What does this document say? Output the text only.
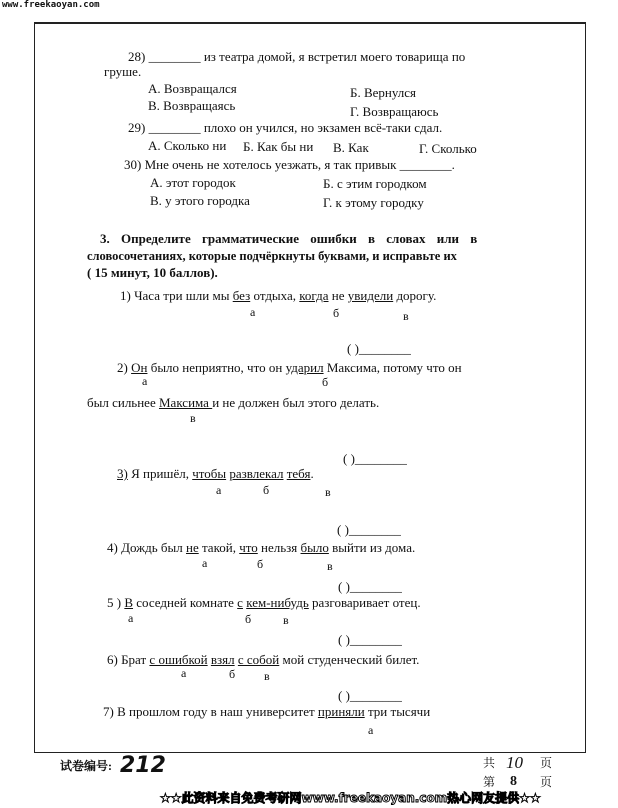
www.freekaoyan.com
28) ________ из театра домой, я встретил моего товарища по
груше.
А. Возвращался	Б. Вернулся
В. Возвращаясь	Г. Возвращаюсь
29) ________ плохо он учился, но экзамен всё-таки сдал.
А. Сколько ни Б. Как бы ни В. Как	Г. Сколько
30) Мне очень не хотелось уезжать, я так привык ________.
А. этот городок	Б. с этим городком
В. у этого городка	Г. к этому городку
3. Определите грамматические ошибки в словах или в
словосочетаниях, которые подчёркнуты буквами, и исправьте их
( 15 минут, 10 баллов).
1) Часа три шли мы без отдыха, когда не увидели дорогу.
а	б	в
( )________
2) Он было неприятно, что он ударил Максима, потому что он
был сильнее Максима и не должен был этого делать.
а	б
в
( )________
3) Я пришёл, чтобы развлекал тебя.
а	б	в
( )________
4) Дождь был не такой, что нельзя было выйти из дома.
а	б	в
( )________
5 ) В соседней комнате с кем-нибудь разговаривает отец.
а	б	в
( )________
6) Брат с ошибкой взял с собой мой студенческий билет.
а	б в
( )________
7) В прошлом году в наш университет приняли три тысячи
а
试卷编号: 212	共 10 页
第 8 页
★★此资料来自免费考研网www.freekaoyan.com热心网友提供★★
